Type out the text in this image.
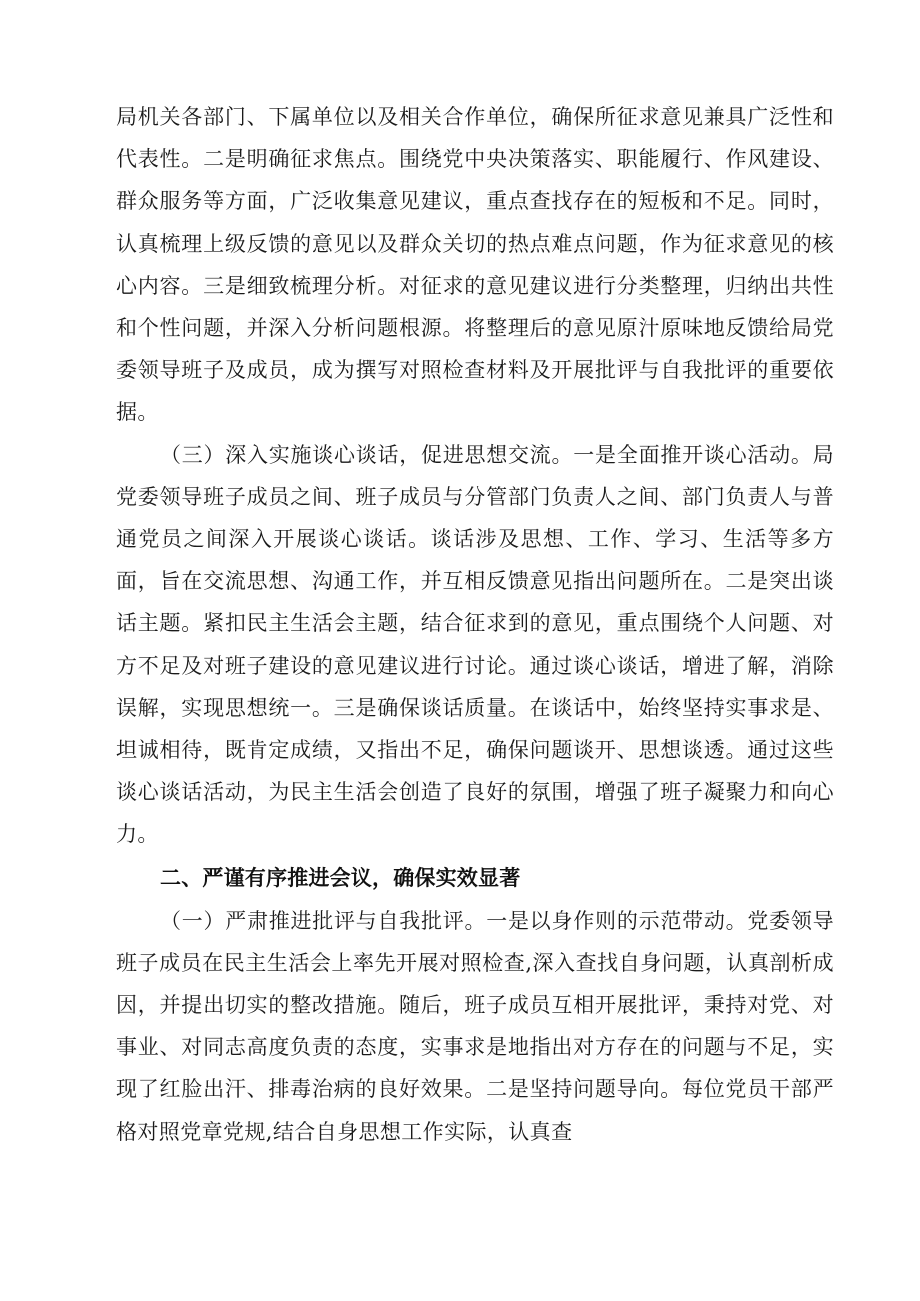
局机关各部门、下属单位以及相关合作单位，确保所征求意见兼具广泛性和代表性。二是明确征求焦点。围绕党中央决策落实、职能履行、作风建设、群众服务等方面，广泛收集意见建议，重点查找存在的短板和不足。同时，认真梳理上级反馈的意见以及群众关切的热点难点问题，作为征求意见的核心内容。三是细致梳理分析。对征求的意见建议进行分类整理，归纳出共性和个性问题，并深入分析问题根源。将整理后的意见原汁原味地反馈给局党委领导班子及成员，成为撰写对照检查材料及开展批评与自我批评的重要依据。

（三）深入实施谈心谈话，促进思想交流。一是全面推开谈心活动。局党委领导班子成员之间、班子成员与分管部门负责人之间、部门负责人与普通党员之间深入开展谈心谈话。谈话涉及思想、工作、学习、生活等多方面，旨在交流思想、沟通工作，并互相反馈意见指出问题所在。二是突出谈话主题。紧扣民主生活会主题，结合征求到的意见，重点围绕个人问题、对方不足及对班子建设的意见建议进行讨论。通过谈心谈话，增进了解，消除误解，实现思想统一。三是确保谈话质量。在谈话中，始终坚持实事求是、坦诚相待，既肯定成绩，又指出不足，确保问题谈开、思想谈透。通过这些谈心谈话活动，为民主生活会创造了良好的氛围，增强了班子凝聚力和向心力。

二、严谨有序推进会议，确保实效显著

（一）严肃推进批评与自我批评。一是以身作则的示范带动。党委领导班子成员在民主生活会上率先开展对照检查,深入查找自身问题，认真剖析成因，并提出切实的整改措施。随后，班子成员互相开展批评，秉持对党、对事业、对同志高度负责的态度，实事求是地指出对方存在的问题与不足，实现了红脸出汗、排毒治病的良好效果。二是坚持问题导向。每位党员干部严格对照党章党规,结合自身思想工作实际，认真查
